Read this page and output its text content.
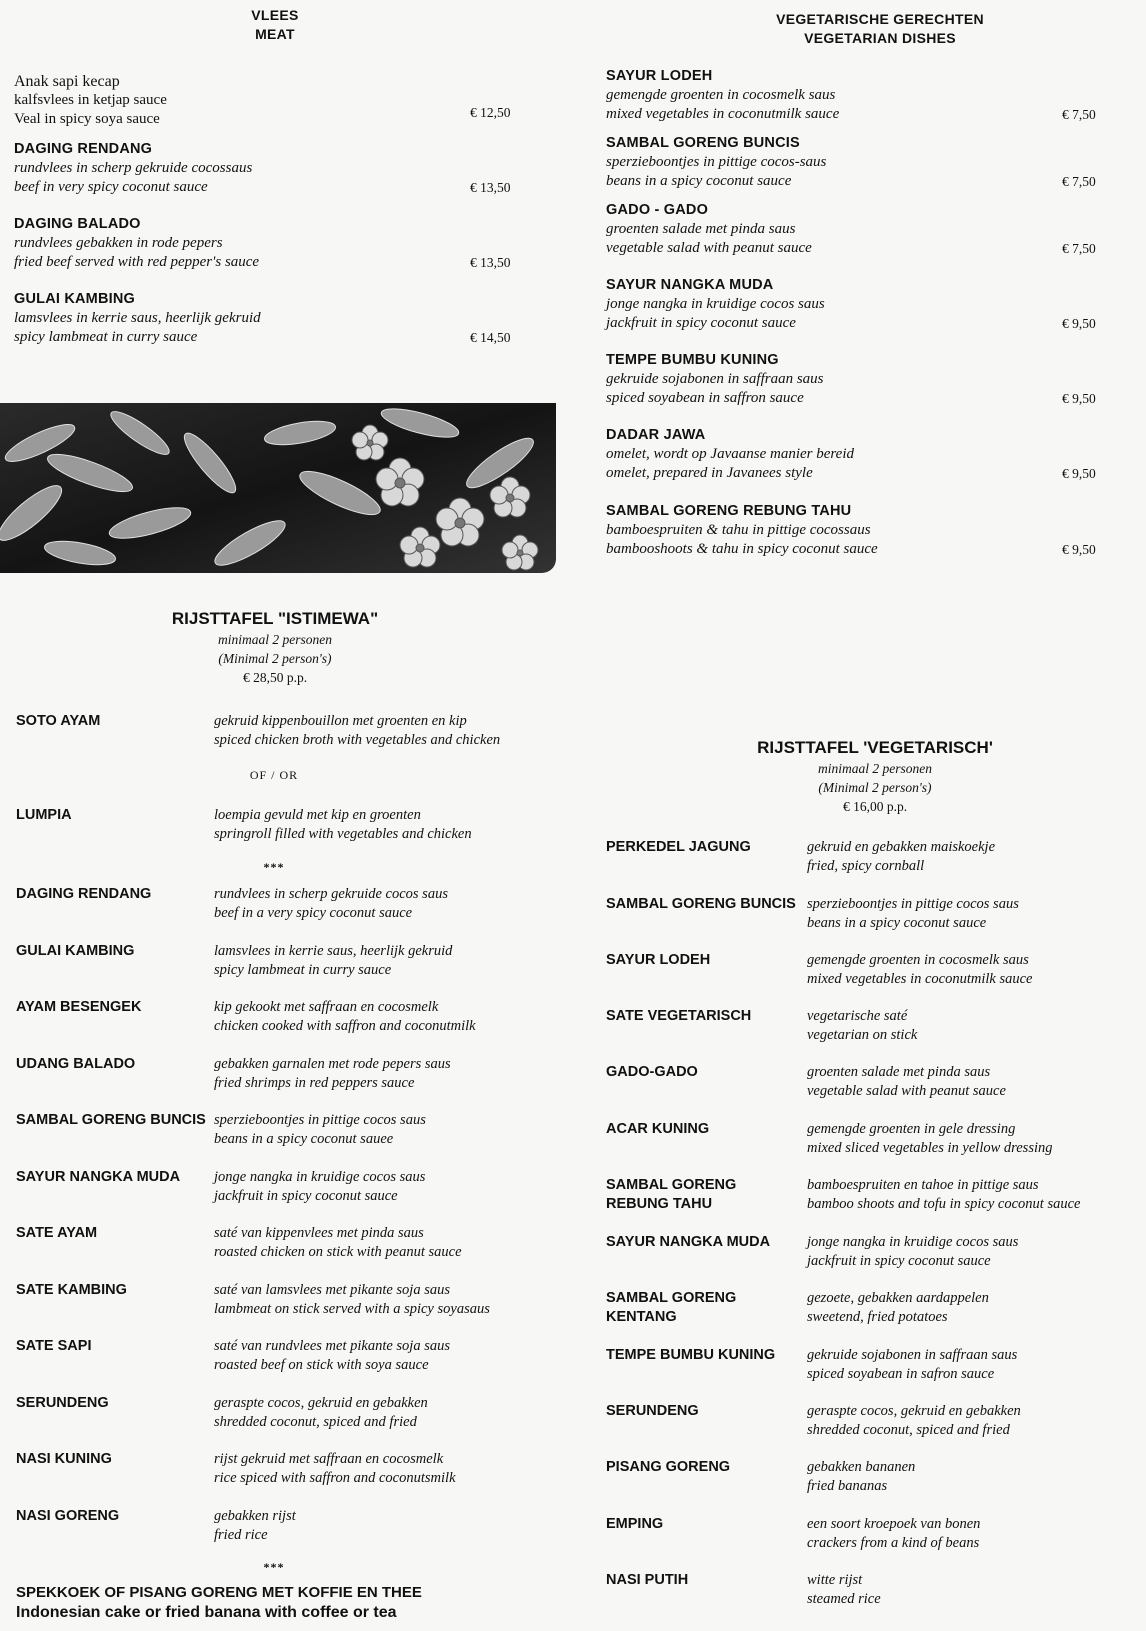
VLEES
MEAT
Anak sapi kecap
kalfsvlees in ketjap sauce
Veal in spicy soya sauce	€ 12,50
DAGING RENDANG
rundvlees in scherp gekruide cocossaus
beef in very spicy coconut sauce	€ 13,50
DAGING BALADO
rundvlees gebakken in rode pepers
fried beef served with red pepper's sauce	€ 13,50
GULAI KAMBING
lamsvlees in kerrie saus, heerlijk gekruid
spicy lambmeat in curry sauce	€ 14,50
VEGETARISCHE GERECHTEN
VEGETARIAN DISHES
SAYUR LODEH
gemengde groenten in cocosmelk saus
mixed vegetables in coconutmilk sauce	€ 7,50
SAMBAL GORENG BUNCIS
sperzieboontjes in pittige cocos-saus
beans in a spicy coconut sauce	€ 7,50
GADO - GADO
groenten salade met pinda saus
vegetable salad with peanut sauce	€ 7,50
SAYUR NANGKA MUDA
jonge nangka in kruidige cocos saus
jackfruit in spicy coconut sauce	€ 9,50
TEMPE BUMBU KUNING
gekruide sojabonen in saffraan saus
spiced soyabean in saffron sauce	€ 9,50
DADAR JAWA
omelet, wordt op Javaanse manier bereid
omelet, prepared in Javanees style	€ 9,50
SAMBAL GORENG REBUNG TAHU
bamboespruiten & tahu in pittige cocossaus
bambooshoots & tahu in spicy coconut sauce	€ 9,50
RIJSTTAFEL "ISTIMEWA"
minimaal 2 personen
(Minimal 2 person's)
€ 28,50 p.p.
SOTO AYAM	gekruid kippenbouillon met groenten en kip
spiced chicken broth with vegetables and chicken
OF / OR
LUMPIA	loempia gevuld met kip en groenten
springroll filled with vegetables and chicken
***
DAGING RENDANG	rundvlees in scherp gekruide cocos saus
beef in a very spicy coconut sauce
GULAI KAMBING	lamsvlees in kerrie saus, heerlijk gekruid
spicy lambmeat in curry sauce
AYAM BESENGEK	kip gekookt met saffraan en cocosmelk
chicken cooked with saffron and coconutmilk
UDANG BALADO	gebakken garnalen met rode pepers saus
fried shrimps in red peppers sauce
SAMBAL GORENG BUNCIS sperzieboontjes in pittige cocos saus
beans in a spicy coconut sauee
SAYUR NANGKA MUDA jonge nangka in kruidige cocos saus
jackfruit in spicy coconut sauce
SATE AYAM	saté van kippenvlees met pinda saus
roasted chicken on stick with peanut sauce
SATE KAMBING	saté van lamsvlees met pikante soja saus
lambmeat on stick served with a spicy soyasaus
SATE SAPI	saté van rundvlees met pikante soja saus
roasted beef on stick with soya sauce
SERUNDENG	geraspte cocos, gekruid en gebakken
shredded coconut, spiced and fried
NASI KUNING	rijst gekruid met saffraan en cocosmelk
rice spiced with saffron and coconutsmilk
NASI GORENG	gebakken rijst
fried rice
***
SPEKKOEK OF PISANG GORENG MET KOFFIE EN THEE
Indonesian cake or fried banana with coffee or tea
RIJSTTAFEL 'VEGETARISCH'
minimaal 2 personen
(Minimal 2 person's)
€ 16,00 p.p.
PERKEDEL JAGUNG	gekruid en gebakken maiskoekje
fried, spicy cornball
SAMBAL GORENG BUNCIS sperzieboontjes in pittige cocos saus
beans in a spicy coconut sauce
SAYUR LODEH	gemengde groenten in cocosmelk saus
mixed vegetables in coconutmilk sauce
SATE VEGETARISCH	vegetarische saté
vegetarian on stick
GADO-GADO	groenten salade met pinda saus
vegetable salad with peanut sauce
ACAR KUNING	gemengde groenten in gele dressing
mixed sliced vegetables in yellow dressing
SAMBAL GORENG REBUNG TAHU
bamboespruiten en tahoe in pittige saus
bamboo shoots and tofu in spicy coconut sauce
SAYUR NANGKA MUDA	jonge nangka in kruidige cocos saus
jackfruit in spicy coconut sauce
SAMBAL GORENG KENTANG
gezoete, gebakken aardappelen
sweetend, fried potatoes
TEMPE BUMBU KUNING	gekruide sojabonen in saffraan saus
spiced soyabean in safron sauce
SERUNDENG	geraspte cocos, gekruid en gebakken
shredded coconut, spiced and fried
PISANG GORENG	gebakken bananen
fried bananas
EMPING	een soort kroepoek van bonen
crackers from a kind of beans
NASI PUTIH	witte rijst
steamed rice
